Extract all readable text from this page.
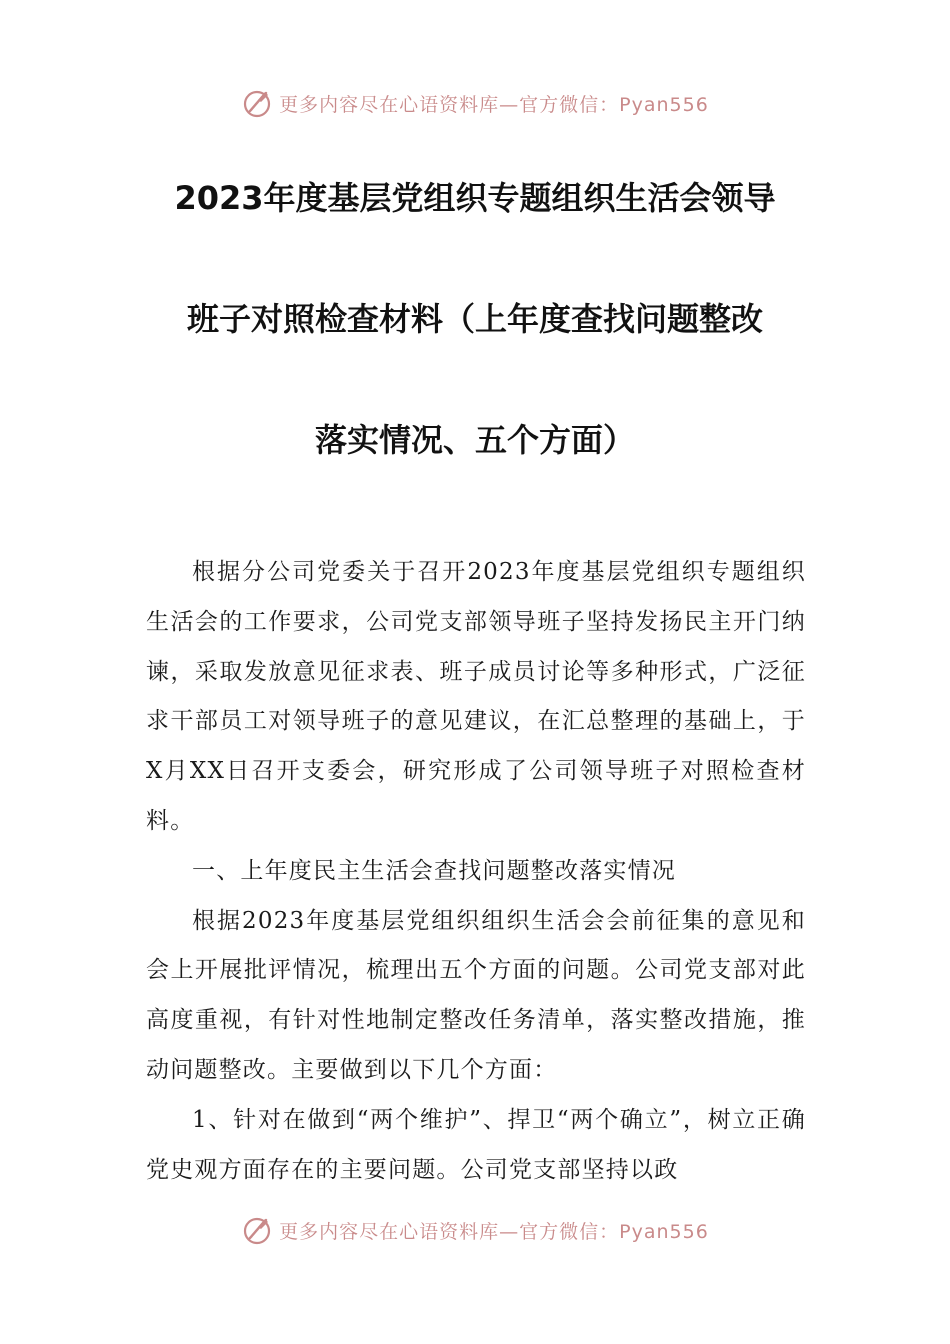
更多内容尽在心语资料库—官方微信：Pyan556
2023年度基层党组织专题组织生活会领导
班子对照检查材料（上年度查找问题整改
落实情况、五个方面）

根据分公司党委关于召开2023年度基层党组织专题组织生活会的工作要求，公司党支部领导班子坚持发扬民主开门纳谏，采取发放意见征求表、班子成员讨论等多种形式，广泛征求干部员工对领导班子的意见建议，在汇总整理的基础上，于X月XX日召开支委会，研究形成了公司领导班子对照检查材料。

一、上年度民主生活会查找问题整改落实情况

根据2023年度基层党组织组织生活会会前征集的意见和会上开展批评情况，梳理出五个方面的问题。公司党支部对此高度重视，有针对性地制定整改任务清单，落实整改措施，推动问题整改。主要做到以下几个方面：

1、针对在做到“两个维护”、捍卫“两个确立”，树立正确党史观方面存在的主要问题。公司党支部坚持以政

更多内容尽在心语资料库—官方微信：Pyan556
